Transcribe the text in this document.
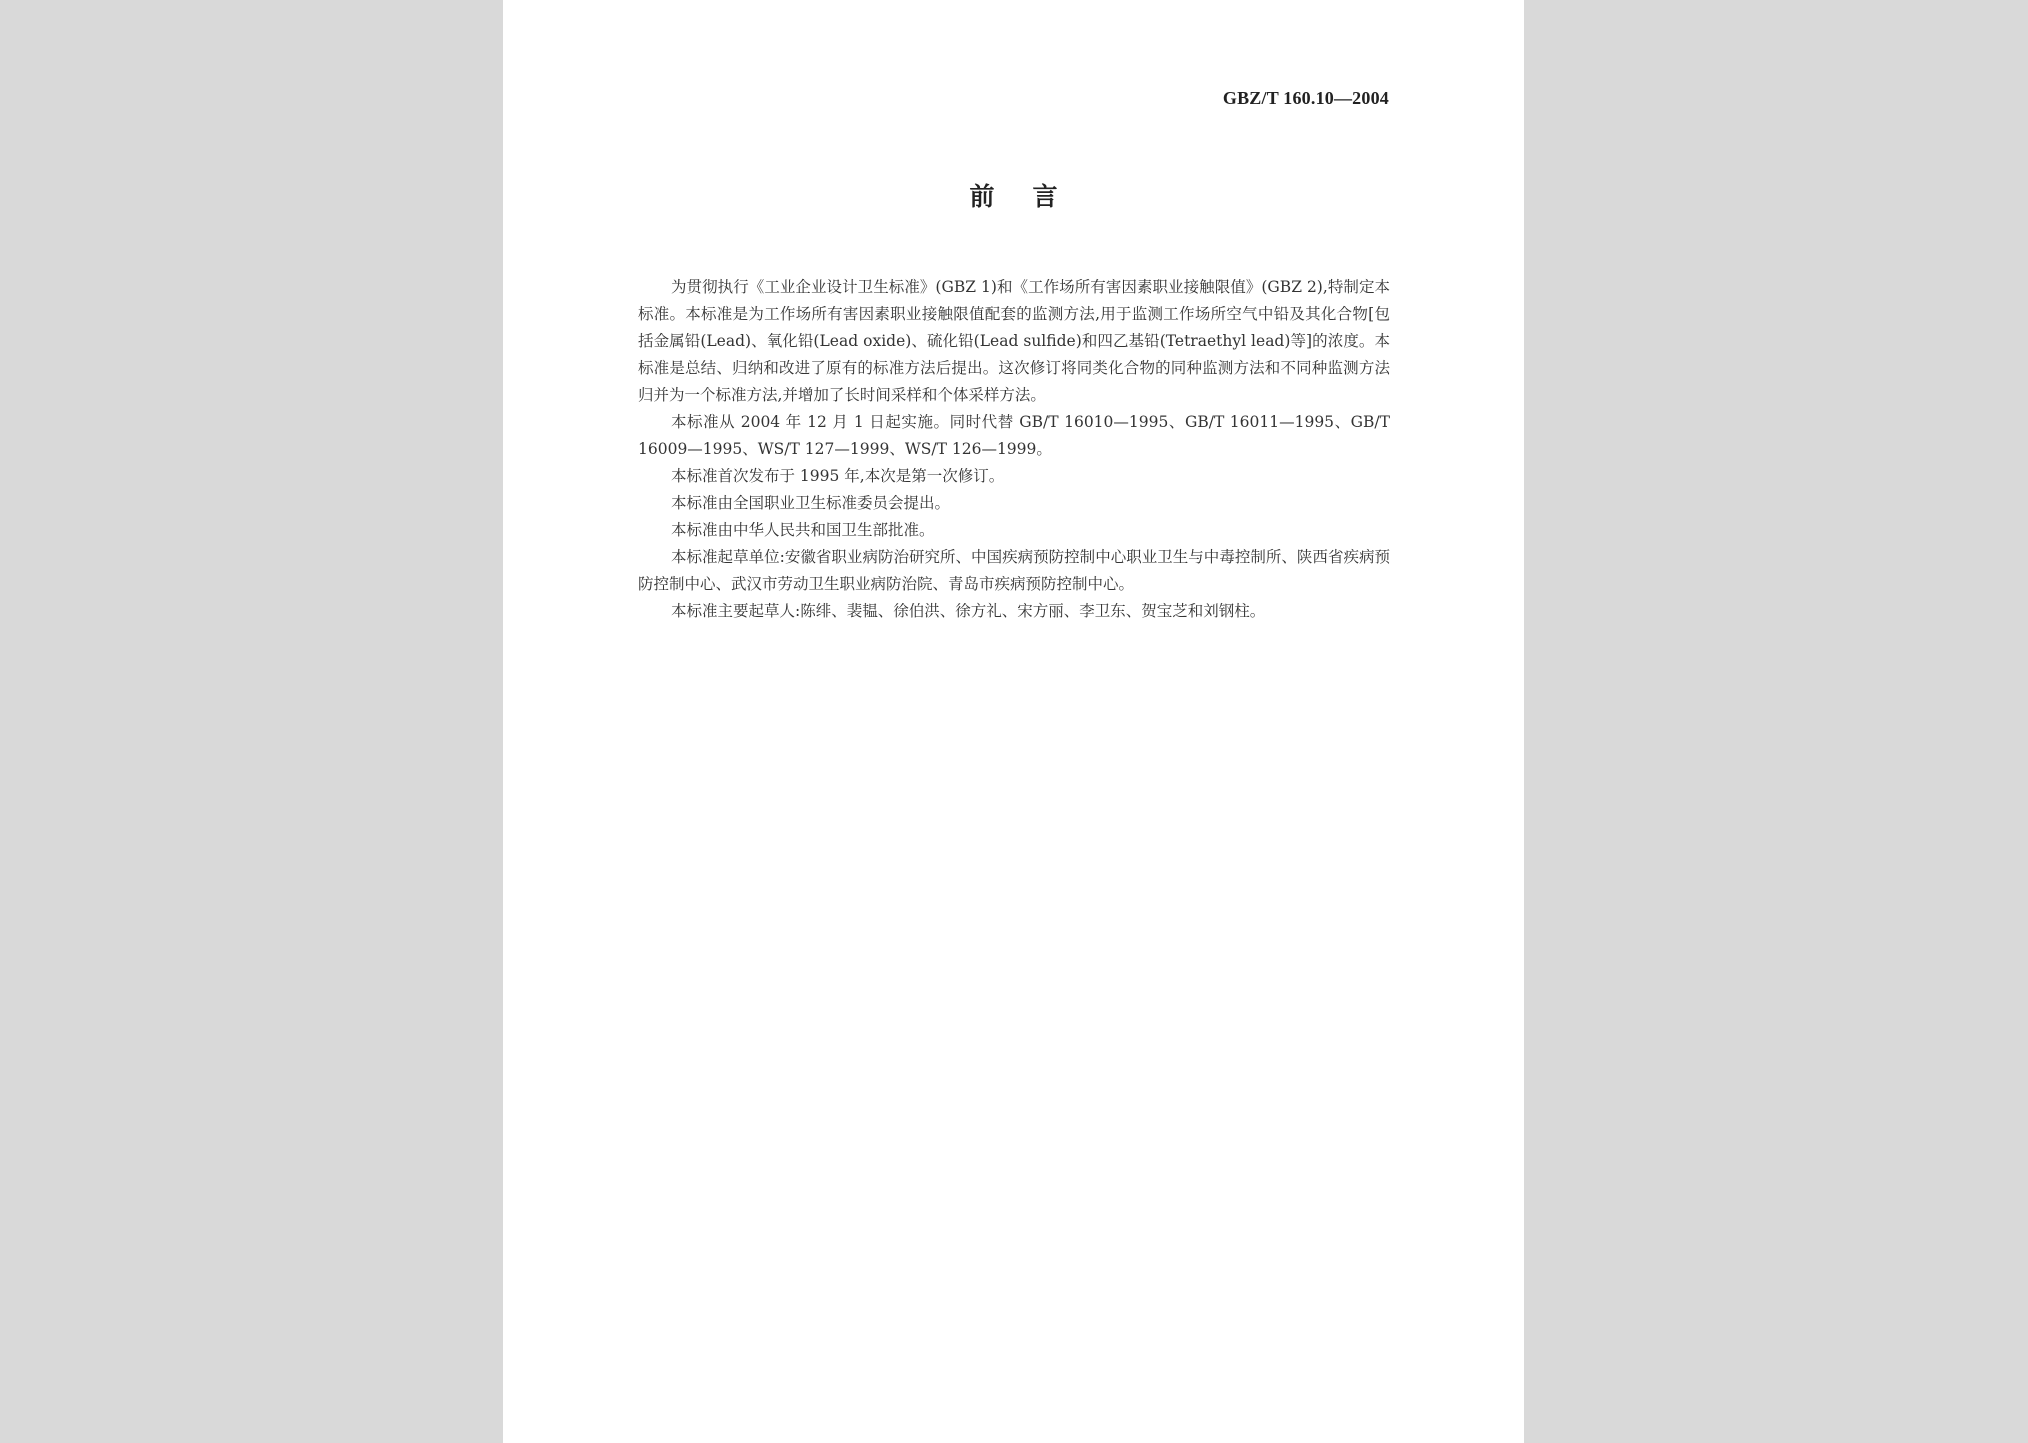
GBZ/T 160.10—2004
前言

为贯彻执行《工业企业设计卫生标准》(GBZ 1)和《工作场所有害因素职业接触限值》(GBZ 2),特制定本标准。本标准是为工作场所有害因素职业接触限值配套的监测方法,用于监测工作场所空气中铅及其化合物[包括金属铅(Lead)、氧化铅(Lead oxide)、硫化铅(Lead sulfide)和四乙基铅(Tetraethyl lead)等]的浓度。本标准是总结、归纳和改进了原有的标准方法后提出。这次修订将同类化合物的同种监测方法和不同种监测方法归并为一个标准方法,并增加了长时间采样和个体采样方法。

本标准从 2004 年 12 月 1 日起实施。同时代替 GB/T 16010—1995、GB/T 16011—1995、GB/T 16009—1995、WS/T 127—1999、WS/T 126—1999。

本标准首次发布于 1995 年,本次是第一次修订。

本标准由全国职业卫生标准委员会提出。

本标准由中华人民共和国卫生部批准。

本标准起草单位:安徽省职业病防治研究所、中国疾病预防控制中心职业卫生与中毒控制所、陕西省疾病预防控制中心、武汉市劳动卫生职业病防治院、青岛市疾病预防控制中心。

本标准主要起草人:陈绯、裴韫、徐伯洪、徐方礼、宋方丽、李卫东、贺宝芝和刘钢柱。
